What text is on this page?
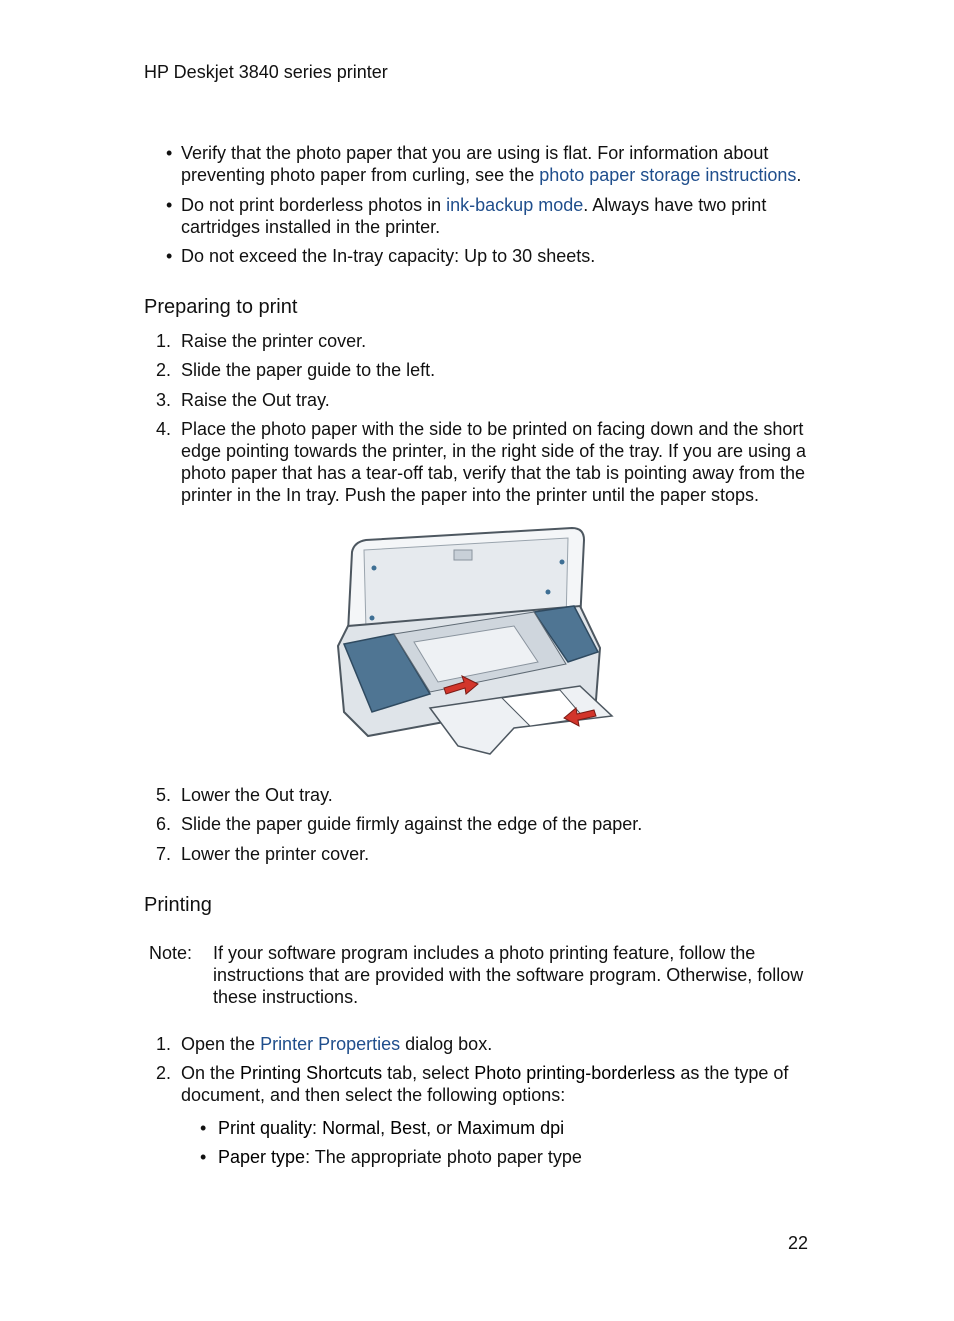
HP Deskjet 3840 series printer
• Verify that the photo paper that you are using is flat. For information about preventing photo paper from curling, see the photo paper storage instructions.
• Do not print borderless photos in ink-backup mode. Always have two print cartridges installed in the printer.
• Do not exceed the In-tray capacity: Up to 30 sheets.
Preparing to print
1. Raise the printer cover.
2. Slide the paper guide to the left.
3. Raise the Out tray.
4. Place the photo paper with the side to be printed on facing down and the short edge pointing towards the printer, in the right side of the tray. If you are using a photo paper that has a tear-off tab, verify that the tab is pointing away from the printer in the In tray. Push the paper into the printer until the paper stops.
5. Lower the Out tray.
6. Slide the paper guide firmly against the edge of the paper.
7. Lower the printer cover.
Printing
Note: If your software program includes a photo printing feature, follow the instructions that are provided with the software program. Otherwise, follow these instructions.
1. Open the Printer Properties dialog box.
2. On the Printing Shortcuts tab, select Photo printing-borderless as the type of document, and then select the following options:
• Print quality: Normal, Best, or Maximum dpi
• Paper type: The appropriate photo paper type
22
